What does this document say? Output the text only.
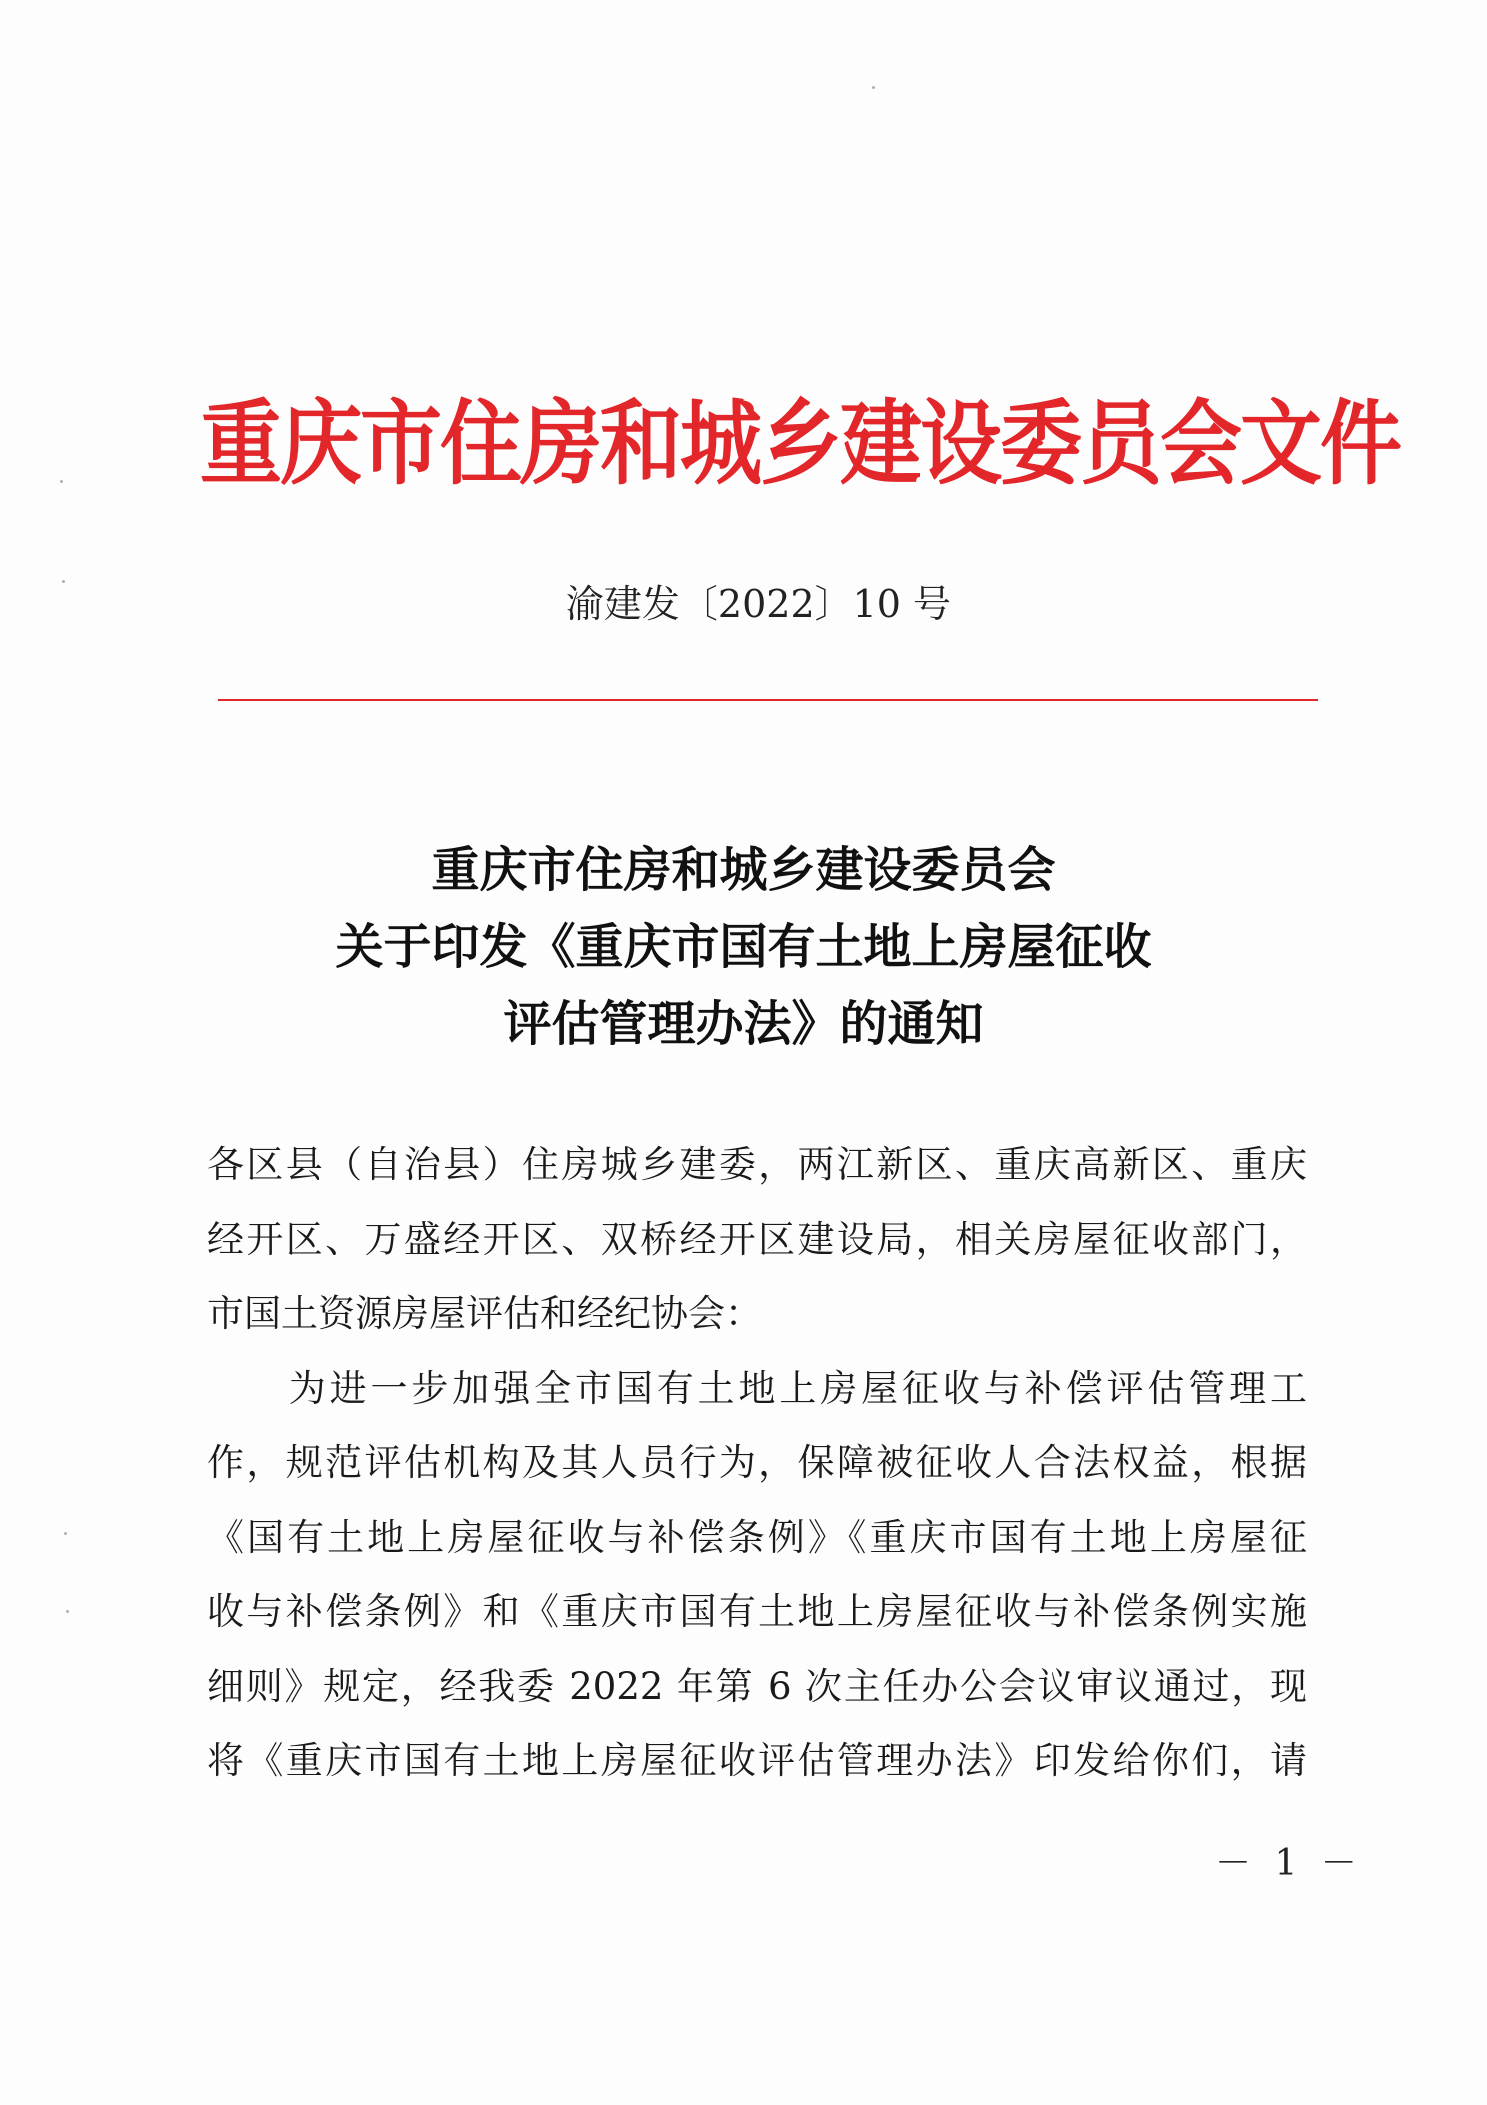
重庆市住房和城乡建设委员会文件
渝建发〔2022〕10 号
重庆市住房和城乡建设委员会
关于印发《重庆市国有土地上房屋征收
评估管理办法》的通知
各区县（自治县）住房城乡建委，两江新区、重庆高新区、重庆
经开区、万盛经开区、双桥经开区建设局，相关房屋征收部门，
市国土资源房屋评估和经纪协会：
　　为进一步加强全市国有土地上房屋征收与补偿评估管理工
作，规范评估机构及其人员行为，保障被征收人合法权益，根据
《国有土地上房屋征收与补偿条例》《重庆市国有土地上房屋征
收与补偿条例》和《重庆市国有土地上房屋征收与补偿条例实施
细则》规定，经我委 2022 年第 6 次主任办公会议审议通过，现
将《重庆市国有土地上房屋征收评估管理办法》印发给你们，请
－ 1 －
